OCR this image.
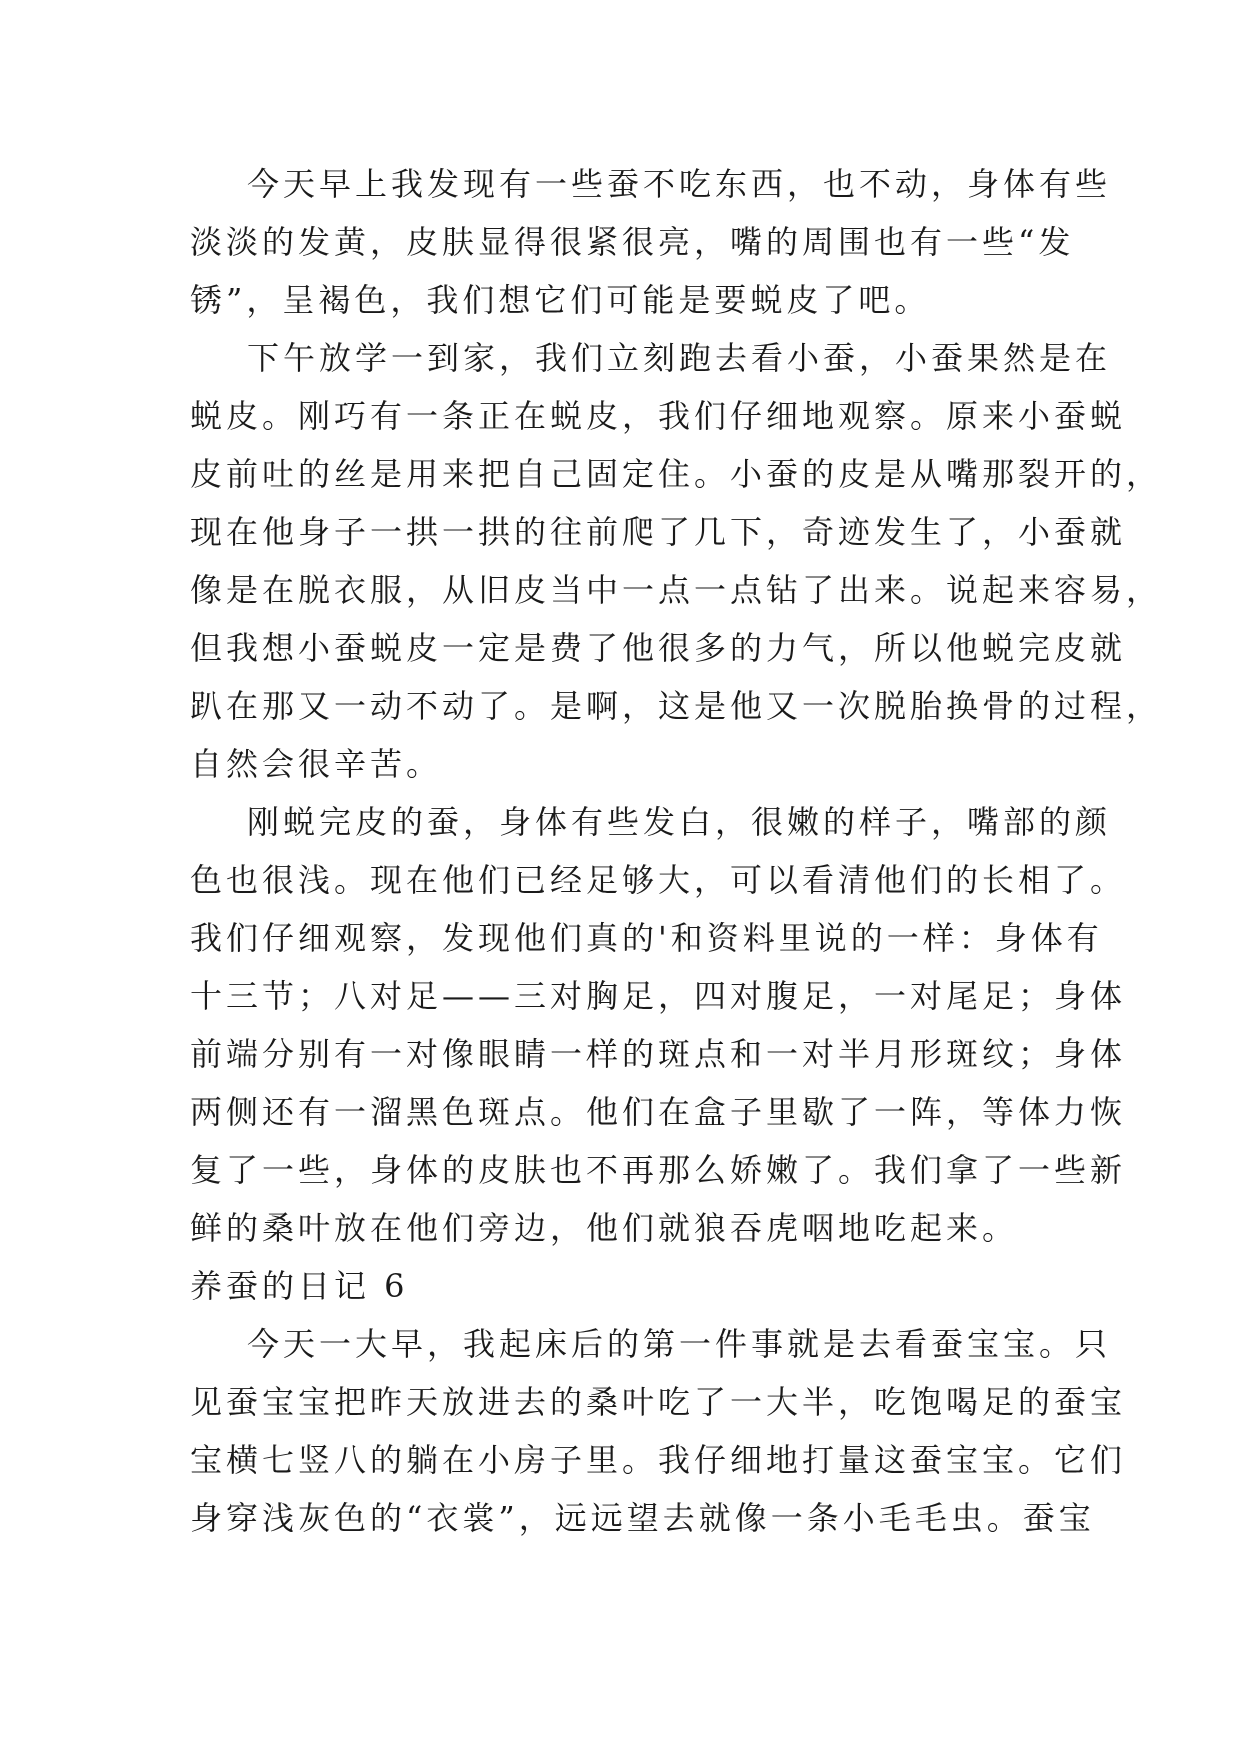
今天早上我发现有一些蚕不吃东西，也不动，身体有些
淡淡的发黄，皮肤显得很紧很亮，嘴的周围也有一些“发
锈”，呈褐色，我们想它们可能是要蜕皮了吧。
下午放学一到家，我们立刻跑去看小蚕，小蚕果然是在
蜕皮。刚巧有一条正在蜕皮，我们仔细地观察。原来小蚕蜕
皮前吐的丝是用来把自己固定住。小蚕的皮是从嘴那裂开的，
现在他身子一拱一拱的往前爬了几下，奇迹发生了，小蚕就
像是在脱衣服，从旧皮当中一点一点钻了出来。说起来容易，
但我想小蚕蜕皮一定是费了他很多的力气，所以他蜕完皮就
趴在那又一动不动了。是啊，这是他又一次脱胎换骨的过程，
自然会很辛苦。
刚蜕完皮的蚕，身体有些发白，很嫩的样子，嘴部的颜
色也很浅。现在他们已经足够大，可以看清他们的长相了。
我们仔细观察，发现他们真的'和资料里说的一样：身体有
十三节；八对足——三对胸足，四对腹足，一对尾足；身体
前端分别有一对像眼睛一样的斑点和一对半月形斑纹；身体
两侧还有一溜黑色斑点。他们在盒子里歇了一阵，等体力恢
复了一些，身体的皮肤也不再那么娇嫩了。我们拿了一些新
鲜的桑叶放在他们旁边，他们就狼吞虎咽地吃起来。
养蚕的日记 6
今天一大早，我起床后的第一件事就是去看蚕宝宝。只
见蚕宝宝把昨天放进去的桑叶吃了一大半，吃饱喝足的蚕宝
宝横七竖八的躺在小房子里。我仔细地打量这蚕宝宝。它们
身穿浅灰色的“衣裳”，远远望去就像一条小毛毛虫。蚕宝
